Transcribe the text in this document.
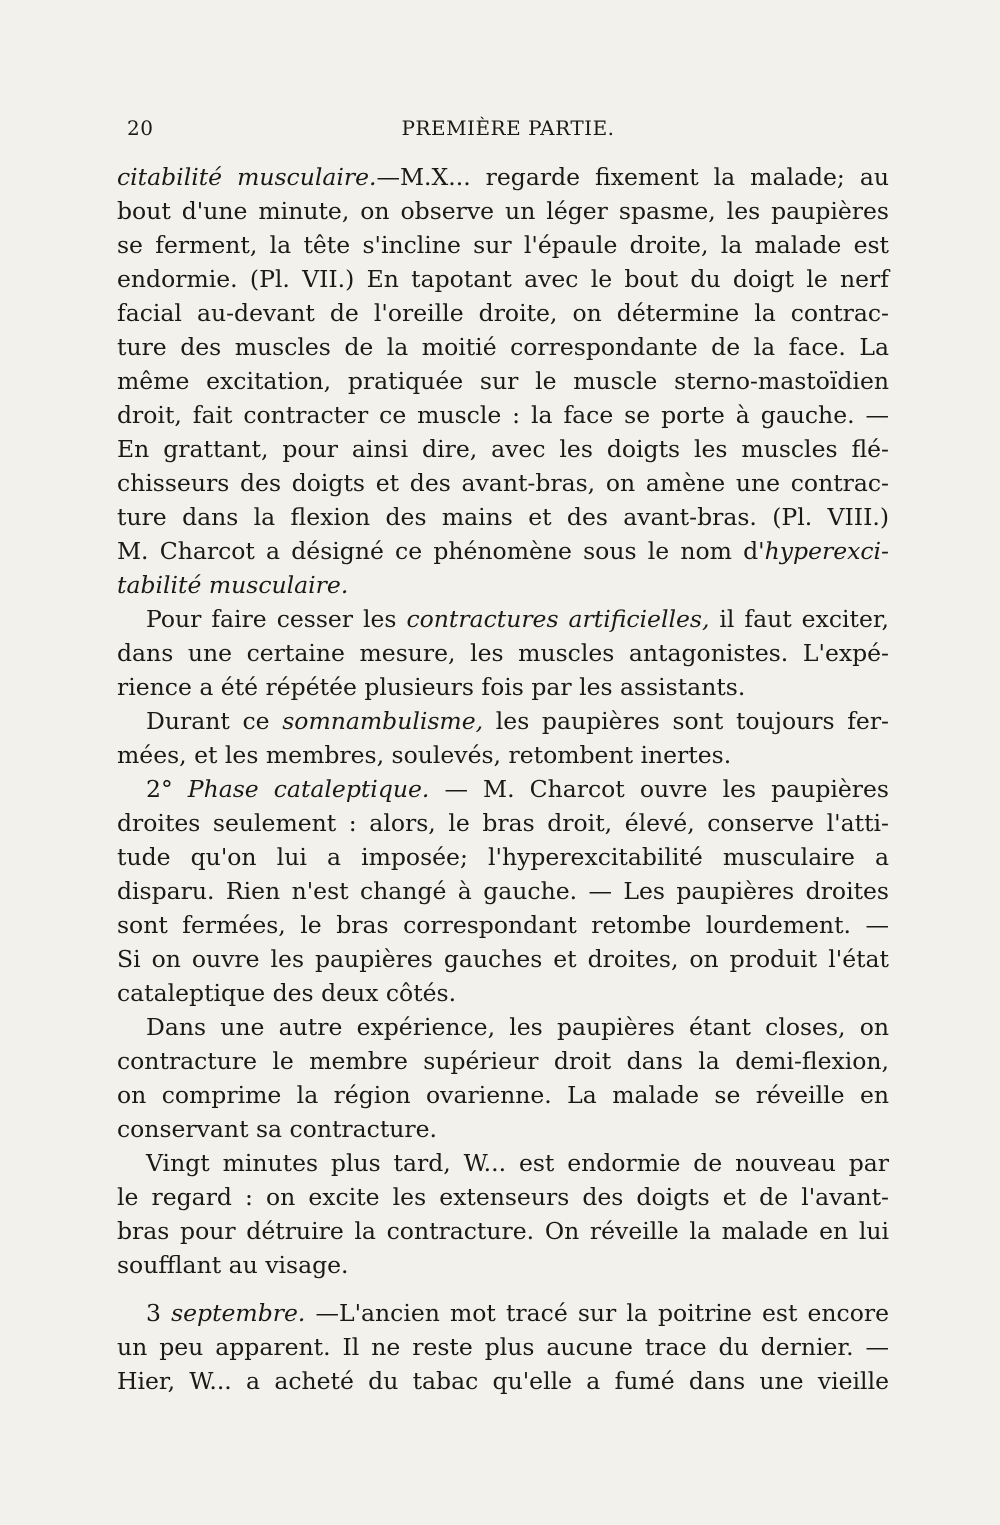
20	PREMIÈRE PARTIE.
citabilité musculaire.—M.X... regarde fixement la malade; au
bout d'une minute, on observe un léger spasme, les paupières
se ferment, la tête s'incline sur l'épaule droite, la malade est
endormie. (Pl. VII.) En tapotant avec le bout du doigt le nerf
facial au-devant de l'oreille droite, on détermine la contrac-
ture des muscles de la moitié correspondante de la face. La
même excitation, pratiquée sur le muscle sterno-mastoïdien
droit, fait contracter ce muscle : la face se porte à gauche. —
En grattant, pour ainsi dire, avec les doigts les muscles flé-
chisseurs des doigts et des avant-bras, on amène une contrac-
ture dans la flexion des mains et des avant-bras. (Pl. VIII.)
M. Charcot a désigné ce phénomène sous le nom d'hyperexci-
tabilité musculaire.
Pour faire cesser les contractures artificielles, il faut exciter,
dans une certaine mesure, les muscles antagonistes. L'expé-
rience a été répétée plusieurs fois par les assistants.
Durant ce somnambulisme, les paupières sont toujours fer-
mées, et les membres, soulevés, retombent inertes.
2° Phase cataleptique. — M. Charcot ouvre les paupières
droites seulement : alors, le bras droit, élevé, conserve l'atti-
tude qu'on lui a imposée; l'hyperexcitabilité musculaire a
disparu. Rien n'est changé à gauche. — Les paupières droites
sont fermées, le bras correspondant retombe lourdement. —
Si on ouvre les paupières gauches et droites, on produit l'état
cataleptique des deux côtés.
Dans une autre expérience, les paupières étant closes, on
contracture le membre supérieur droit dans la demi-flexion,
on comprime la région ovarienne. La malade se réveille en
conservant sa contracture.
Vingt minutes plus tard, W... est endormie de nouveau par
le regard : on excite les extenseurs des doigts et de l'avant-
bras pour détruire la contracture. On réveille la malade en lui
soufflant au visage.
3 septembre. —L'ancien mot tracé sur la poitrine est encore
un peu apparent. Il ne reste plus aucune trace du dernier. —
Hier, W... a acheté du tabac qu'elle a fumé dans une vieille
